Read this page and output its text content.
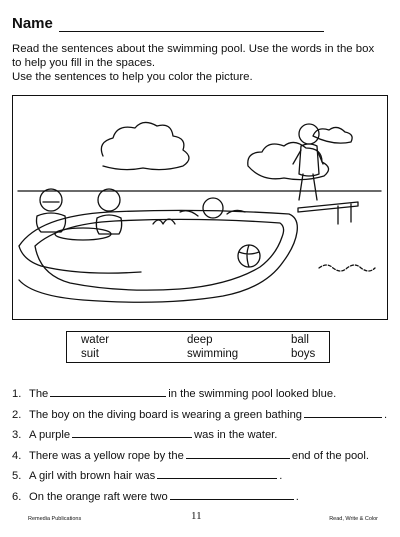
Name
Read the sentences about the swimming pool. Use the words in the box
to help you fill in the spaces.
Use the sentences to help you color the picture.
water	deep	ball
suit	swimming	boys
1. The	in the swimming pool looked blue.
2. The boy on the diving board is wearing a green bathing	.
3. A purple	was in the water.
4. There was a yellow rope by the	end of the pool.
5. A girl with brown hair was	.
6. On the orange raft were two	.
Remedia Publications	11	Read, Write & Color
